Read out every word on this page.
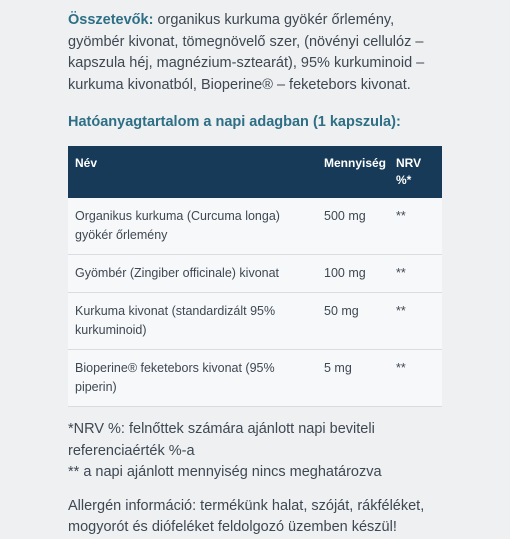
Összetevők: organikus kurkuma gyökér őrlemény, gyömbér kivonat, tömegnövelő szer, (növényi cellulóz – kapszula héj, magnézium-sztearát), 95% kurkuminoid – kurkuma kivonatból, Bioperine® – feketebors kivonat.

Hatóanyagtartalom a napi adagban (1 kapszula):
Név	Mennyiség	NRV %*
Organikus kurkuma (Curcuma longa) gyökér őrlemény	500 mg	**
Gyömbér (Zingiber officinale) kivonat	100 mg	**
Kurkuma kivonat (standardizált 95% kurkuminoid)	50 mg	**
Bioperine® feketebors kivonat (95% piperin)	5 mg	**

*NRV %: felnőttek számára ajánlott napi beviteli referenciaérték %-a

** a napi ajánlott mennyiség nincs meghatározva

Allergén információ: termékünk halat, szóját, rákféléket, mogyorót és diófeléket feldolgozó üzemben készül!
